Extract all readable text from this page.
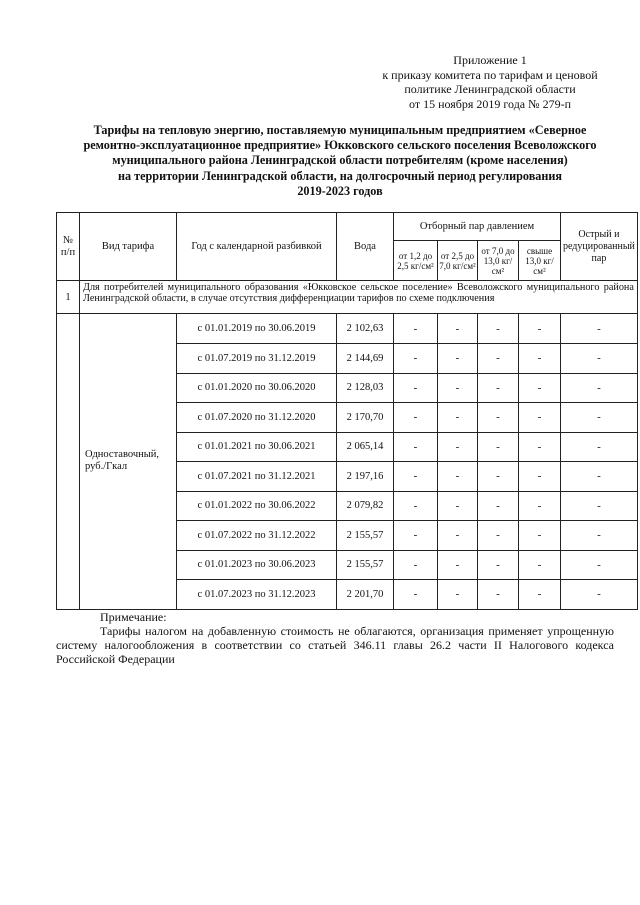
Приложение 1
к приказу комитета по тарифам и ценовой
политике Ленинградской области
от 15 ноября 2019 года № 279-п
Тарифы на тепловую энергию, поставляемую муниципальным предприятием «Северное
ремонтно-эксплуатационное предприятие» Юкковского сельского поселения Всеволожского
муниципального района Ленинградской области потребителям (кроме населения)
на территории Ленинградской области, на долгосрочный период регулирования
2019-2023 годов
№ п/п	Вид тарифа	Год с календарной разбивкой	Вода	Отборный пар давлением				Острый и редуцированный пар
				от 1,2 до 2,5 кг/см²	от 2,5 до 7,0 кг/см²	от 7,0 до 13,0 кг/см²	свыше 13,0 кг/см²	
1	Для потребителей муниципального образования «Юкковское сельское поселение» Всеволожского муниципального района Ленинградской области, в случае отсутствия дифференциации тарифов по схеме подключения							
	Одноставочный, руб./Гкал	с 01.01.2019 по 30.06.2019	2 102,63	-	-	-	-	-
		с 01.07.2019 по 31.12.2019	2 144,69	-	-	-	-	-
		с 01.01.2020 по 30.06.2020	2 128,03	-	-	-	-	-
		с 01.07.2020 по 31.12.2020	2 170,70	-	-	-	-	-
		с 01.01.2021 по 30.06.2021	2 065,14	-	-	-	-	-
		с 01.07.2021 по 31.12.2021	2 197,16	-	-	-	-	-
		с 01.01.2022 по 30.06.2022	2 079,82	-	-	-	-	-
		с 01.07.2022 по 31.12.2022	2 155,57	-	-	-	-	-
		с 01.01.2023 по 30.06.2023	2 155,57	-	-	-	-	-
		с 01.07.2023 по 31.12.2023	2 201,70	-	-	-	-	-
Примечание:
Тарифы налогом на добавленную стоимость не облагаются, организация применяет упрощенную систему налогообложения в соответствии со статьей 346.11 главы 26.2 части II Налогового кодекса Российской Федерации
